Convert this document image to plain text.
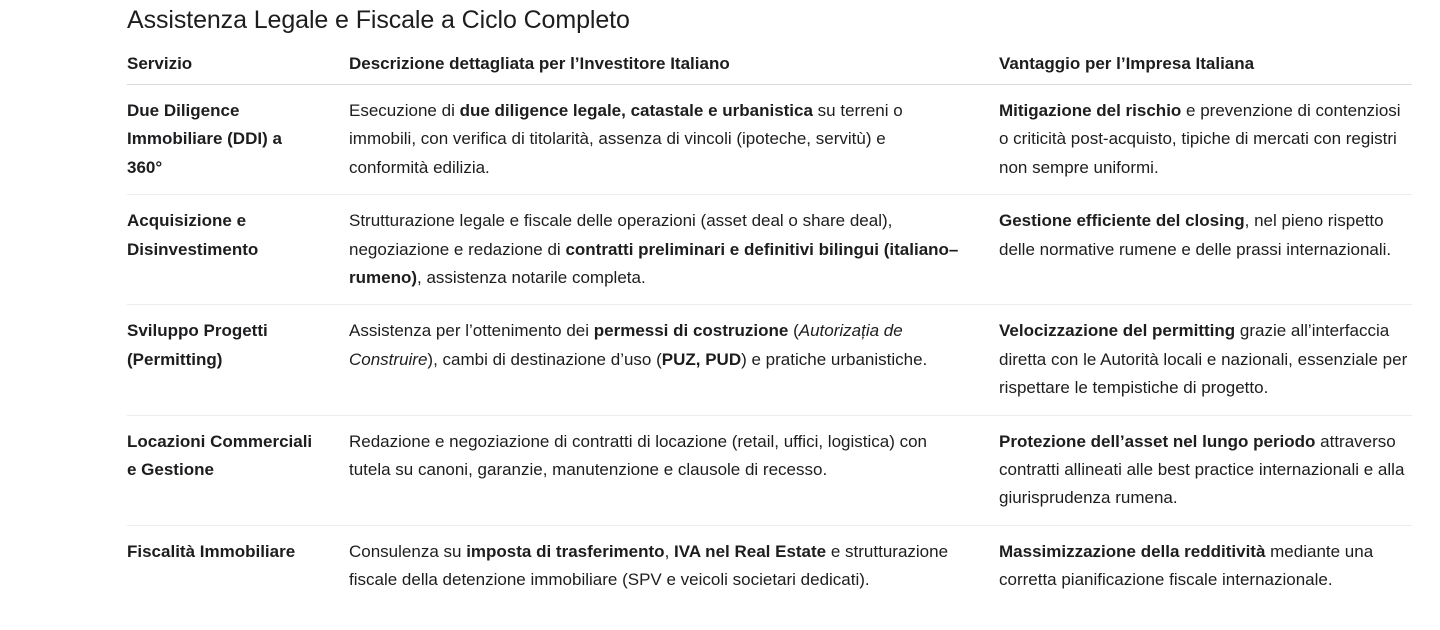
Assistenza Legale e Fiscale a Ciclo Completo
Servizio	Descrizione dettagliata per l’Investitore Italiano	Vantaggio per l’Impresa Italiana
Due Diligence Immobiliare (DDI) a 360°	Esecuzione di due diligence legale, catastale e urbanistica su terreni o immobili, con verifica di titolarità, assenza di vincoli (ipoteche, servitù) e conformità edilizia.	Mitigazione del rischio e prevenzione di contenziosi o criticità post-acquisto, tipiche di mercati con registri non sempre uniformi.
Acquisizione e Disinvestimento	Strutturazione legale e fiscale delle operazioni (asset deal o share deal), negoziazione e redazione di contratti preliminari e definitivi bilingui (italiano–rumeno), assistenza notarile completa.	Gestione efficiente del closing, nel pieno rispetto delle normative rumene e delle prassi internazionali.
Sviluppo Progetti (Permitting)	Assistenza per l’ottenimento dei permessi di costruzione (Autorizația de Construire), cambi di destinazione d’uso (PUZ, PUD) e pratiche urbanistiche.	Velocizzazione del permitting grazie all’interfaccia diretta con le Autorità locali e nazionali, essenziale per rispettare le tempistiche di progetto.
Locazioni Commerciali e Gestione	Redazione e negoziazione di contratti di locazione (retail, uffici, logistica) con tutela su canoni, garanzie, manutenzione e clausole di recesso.	Protezione dell’asset nel lungo periodo attraverso contratti allineati alle best practice internazionali e alla giurisprudenza rumena.
Fiscalità Immobiliare	Consulenza su imposta di trasferimento, IVA nel Real Estate e strutturazione fiscale della detenzione immobiliare (SPV e veicoli societari dedicati).	Massimizzazione della redditività mediante una corretta pianificazione fiscale internazionale.
